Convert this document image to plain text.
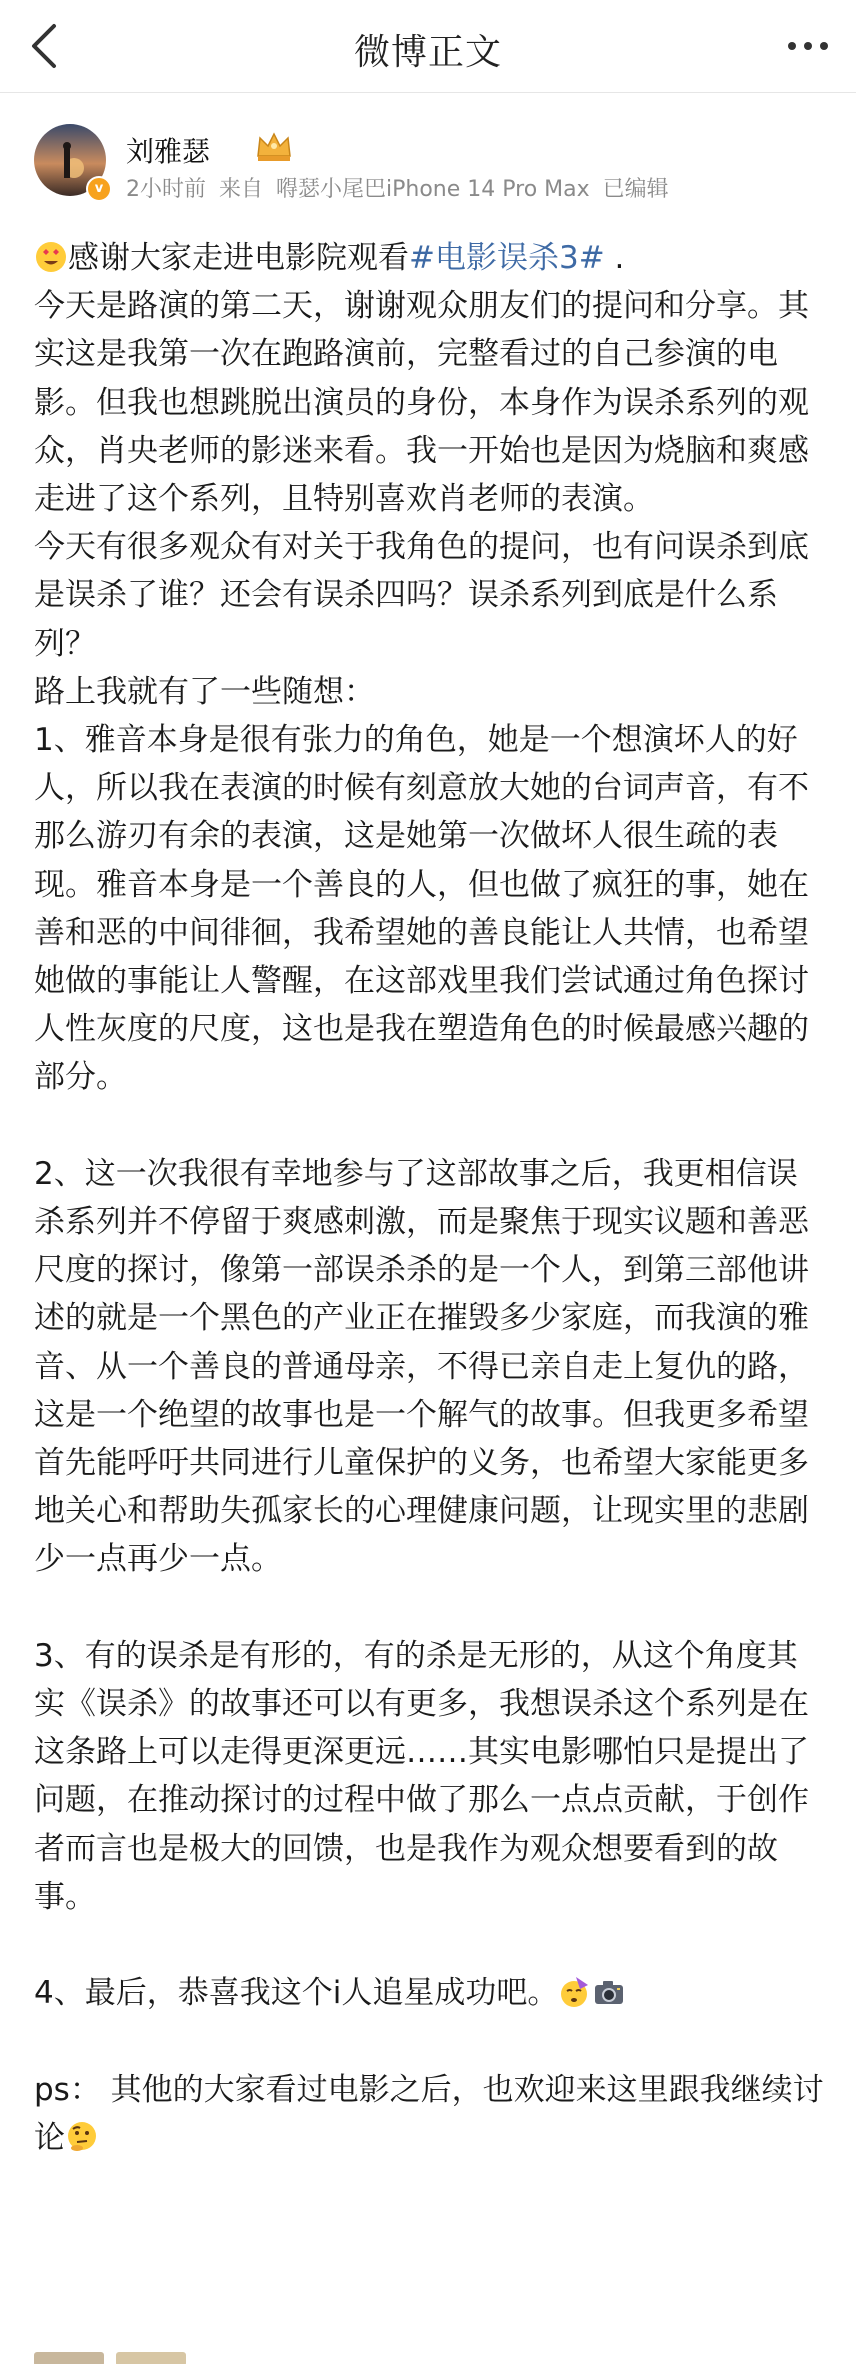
微博正文
v
刘雅瑟
2小时前 来自 嘚瑟小尾巴iPhone 14 Pro Max 已编辑

感谢大家走进电影院观看#电影误杀3# .

今天是路演的第二天，谢谢观众朋友们的提问和分享。其实这是我第一次在跑路演前，完整看过的自己参演的电影。但我也想跳脱出演员的身份，本身作为误杀系列的观众，肖央老师的影迷来看。我一开始也是因为烧脑和爽感走进了这个系列，且特别喜欢肖老师的表演。

今天有很多观众有对关于我角色的提问，也有问误杀到底是误杀了谁？还会有误杀四吗？误杀系列到底是什么系列？

路上我就有了一些随想：

1、雅音本身是很有张力的角色，她是一个想演坏人的好人，所以我在表演的时候有刻意放大她的台词声音，有不那么游刃有余的表演，这是她第一次做坏人很生疏的表现。雅音本身是一个善良的人，但也做了疯狂的事，她在善和恶的中间徘徊，我希望她的善良能让人共情，也希望她做的事能让人警醒，在这部戏里我们尝试通过角色探讨人性灰度的尺度，这也是我在塑造角色的时候最感兴趣的部分。

2、这一次我很有幸地参与了这部故事之后，我更相信误杀系列并不停留于爽感刺激，而是聚焦于现实议题和善恶尺度的探讨，像第一部误杀杀的是一个人，到第三部他讲述的就是一个黑色的产业正在摧毁多少家庭，而我演的雅音、从一个善良的普通母亲，不得已亲自走上复仇的路，这是一个绝望的故事也是一个解气的故事。但我更多希望首先能呼吁共同进行儿童保护的义务，也希望大家能更多地关心和帮助失孤家长的心理健康问题，让现实里的悲剧少一点再少一点。

3、有的误杀是有形的，有的杀是无形的，从这个角度其实《误杀》的故事还可以有更多，我想误杀这个系列是在这条路上可以走得更深更远……其实电影哪怕只是提出了问题，在推动探讨的过程中做了那么一点点贡献，于创作者而言也是极大的回馈，也是我作为观众想要看到的故事。

4、最后，恭喜我这个i人追星成功吧。

ps： 其他的大家看过电影之后，也欢迎来这里跟我继续讨论
